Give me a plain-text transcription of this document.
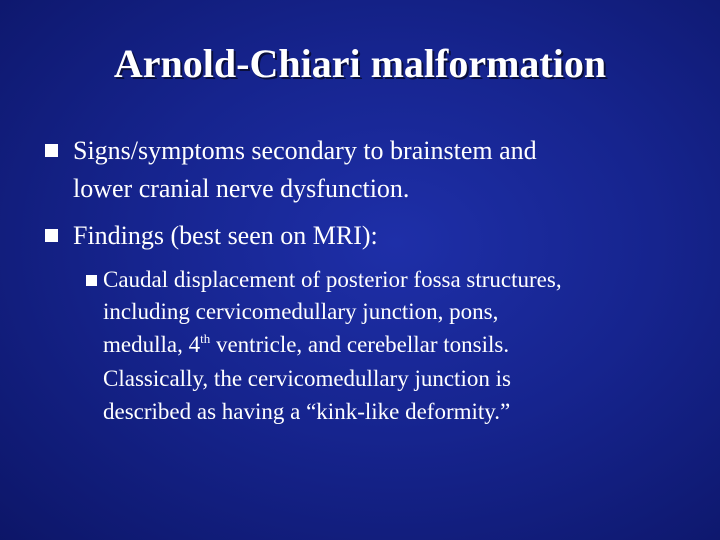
Arnold-Chiari malformation
Signs/symptoms secondary to brainstem and
lower cranial nerve dysfunction.
Findings (best seen on MRI):
Caudal displacement of posterior fossa structures,
including cervicomedullary junction, pons,
medulla, 4th ventricle, and cerebellar tonsils.
Classically, the cervicomedullary junction is
described as having a “kink-like deformity.”
